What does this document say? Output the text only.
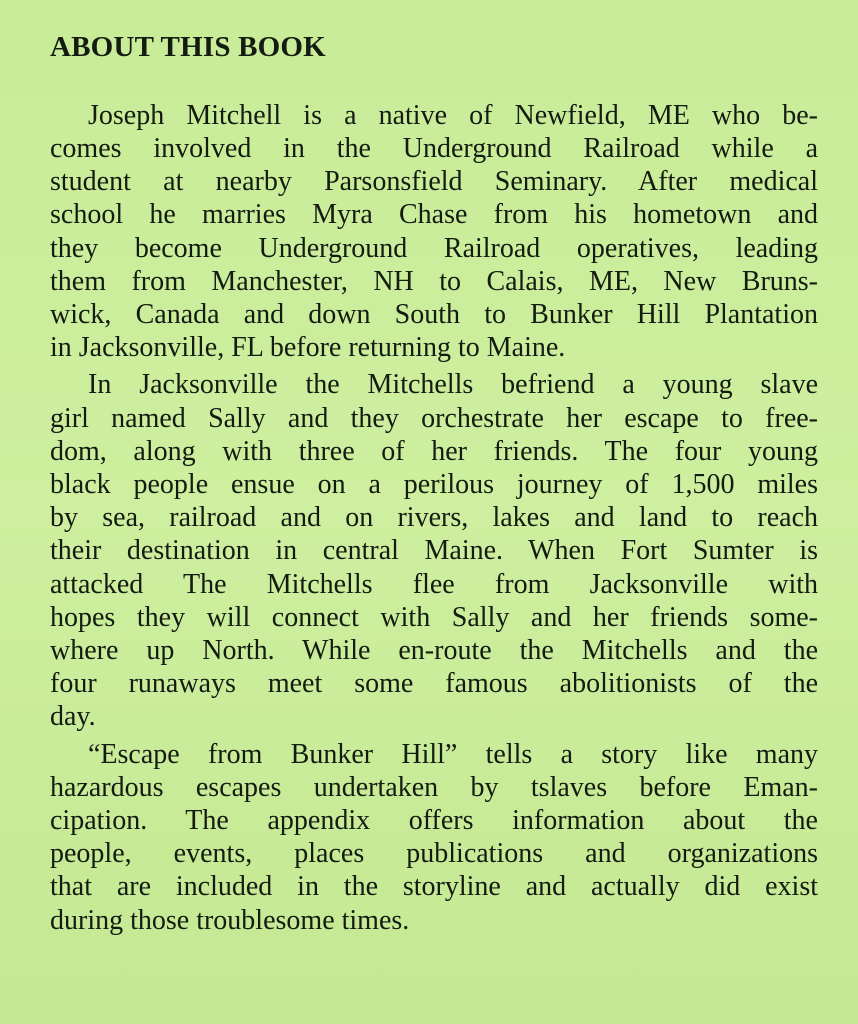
ABOUT THIS BOOK
Joseph Mitchell is a native of Newfield, ME who be-
comes involved in the Underground Railroad while a
student at nearby Parsonsfield Seminary. After medical
school he marries Myra Chase from his hometown and
they become Underground Railroad operatives, leading
them from Manchester, NH to Calais, ME, New Bruns-
wick, Canada and down South to Bunker Hill Plantation
in Jacksonville, FL before returning to Maine.
In Jacksonville the Mitchells befriend a young slave
girl named Sally and they orchestrate her escape to free-
dom, along with three of her friends. The four young
black people ensue on a perilous journey of 1,500 miles
by sea, railroad and on rivers, lakes and land to reach
their destination in central Maine. When Fort Sumter is
attacked The Mitchells flee from Jacksonville with
hopes they will connect with Sally and her friends some-
where up North. While en-route the Mitchells and the
four runaways meet some famous abolitionists of the
day.
“Escape from Bunker Hill” tells a story like many
hazardous escapes undertaken by tslaves before Eman-
cipation. The appendix offers information about the
people, events, places publications and organizations
that are included in the storyline and actually did exist
during those troublesome times.
